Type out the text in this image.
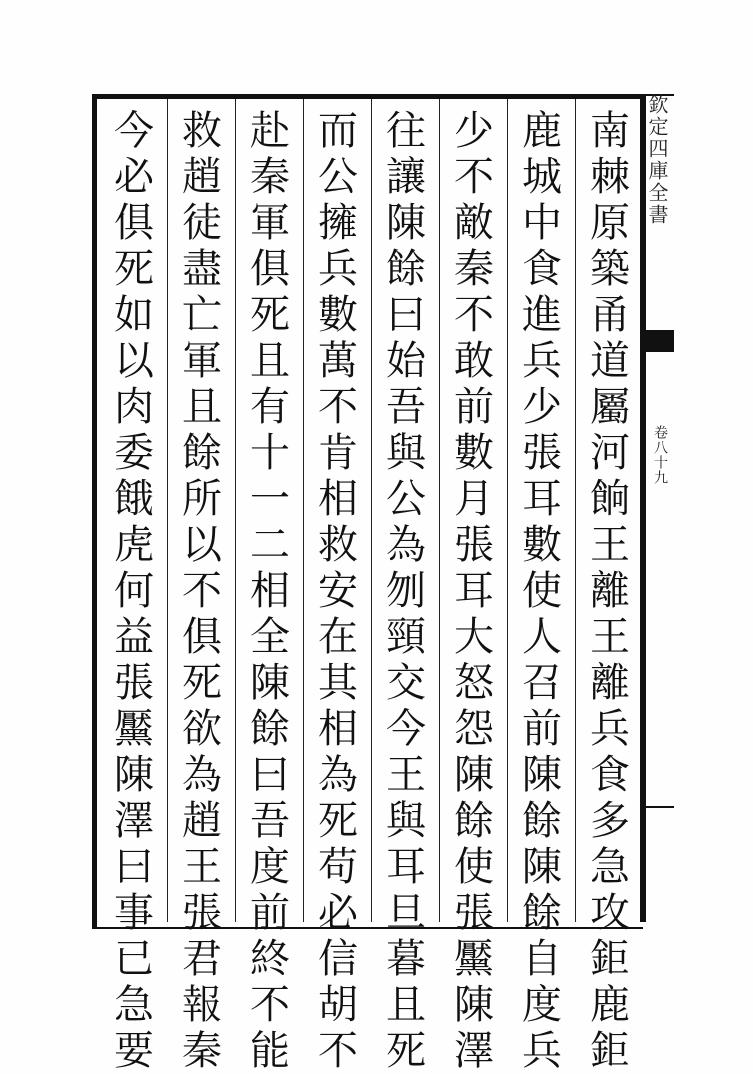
欽定四庫全書
卷八十九
南
棘
原
築
甬
道
屬
河
餉
王
離
王
離
兵
食
多
急
攻
鉅
鹿
鉅
鹿
城
中
食
進
兵
少
張
耳
數
使
人
召
前
陳
餘
陳
餘
自
度
兵
少
不
敵
秦
不
敢
前
數
月
張
耳
大
怒
怨
陳
餘
使
張
黶
陳
澤
往
讓
陳
餘
曰
始
吾
與
公
為
刎
頸
交
今
王
與
耳
旦
暮
且
死
而
公
擁
兵
數
萬
不
肯
相
救
安
在
其
相
為
死
苟
必
信
胡
不
赴
秦
軍
俱
死
且
有
十
一
二
相
全
陳
餘
曰
吾
度
前
終
不
能
救
趙
徒
盡
亡
軍
且
餘
所
以
不
俱
死
欲
為
趙
王
張
君
報
秦
今
必
俱
死
如
以
肉
委
餓
虎
何
益
張
黶
陳
澤
曰
事
已
急
要
